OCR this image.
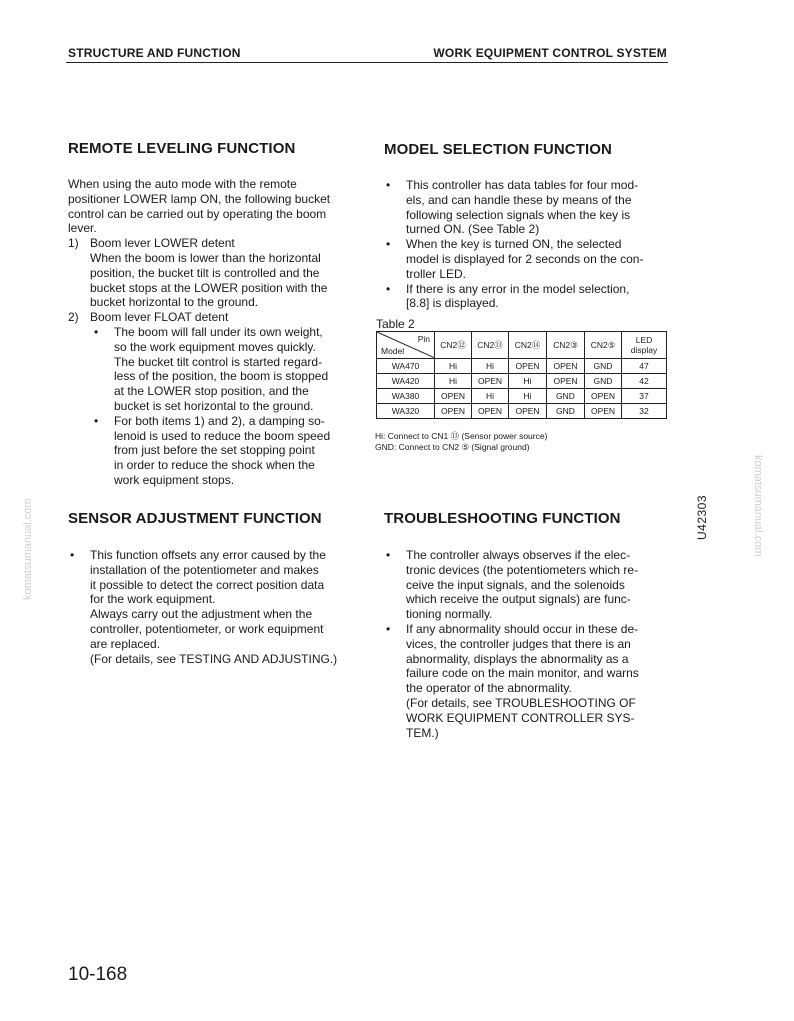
STRUCTURE AND FUNCTION	WORK EQUIPMENT CONTROL SYSTEM
REMOTE LEVELING FUNCTION
When using the auto mode with the remote
positioner LOWER lamp ON, the following bucket
control can be carried out by operating the boom
lever.
1) Boom lever LOWER detent
When the boom is lower than the horizontal
position, the bucket tilt is controlled and the
bucket stops at the LOWER position with the
bucket horizontal to the ground.
2) Boom lever FLOAT detent
• The boom will fall under its own weight,
so the work equipment moves quickly.
The bucket tilt control is started regard-
less of the position, the boom is stopped
at the LOWER stop position, and the
bucket is set horizontal to the ground.
• For both items 1) and 2), a damping so-
lenoid is used to reduce the boom speed
from just before the set stopping point
in order to reduce the shock when the
work equipment stops.
MODEL SELECTION FUNCTION
• This controller has data tables for four mod-
els, and can handle these by means of the
following selection signals when the key is
turned ON. (See Table 2)
• When the key is turned ON, the selected
model is displayed for 2 seconds on the con-
troller LED.
• If there is any error in the model selection,
[8.8] is displayed.
Table 2
Pin
Model	CN2⑫	CN2⑬	CN2⑭	CN2③	CN2⑤	LED display
WA470	Hi	Hi	OPEN	OPEN	GND	47
WA420	Hi	OPEN	Hi	OPEN	GND	42
WA380	OPEN	Hi	Hi	GND	OPEN	37
WA320	OPEN	OPEN	OPEN	GND	OPEN	32
Hi: Connect to CN1 ⑬ (Sensor power source)
GND: Connect to CN2 ⑤ (Signal ground)
SENSOR ADJUSTMENT FUNCTION
• This function offsets any error caused by the
installation of the potentiometer and makes
it possible to detect the correct position data
for the work equipment.
Always carry out the adjustment when the
controller, potentiometer, or work equipment
are replaced.
(For details, see TESTING AND ADJUSTING.)
TROUBLESHOOTING FUNCTION
• The controller always observes if the elec-
tronic devices (the potentiometers which re-
ceive the input signals, and the solenoids
which receive the output signals) are func-
tioning normally.
• If any abnormality should occur in these de-
vices, the controller judges that there is an
abnormality, displays the abnormality as a
failure code on the main monitor, and warns
the operator of the abnormality.
(For details, see TROUBLESHOOTING OF
WORK EQUIPMENT CONTROLLER SYS-
TEM.)
10-168
U42303
komatsumanual.com	komatsumanual.com
